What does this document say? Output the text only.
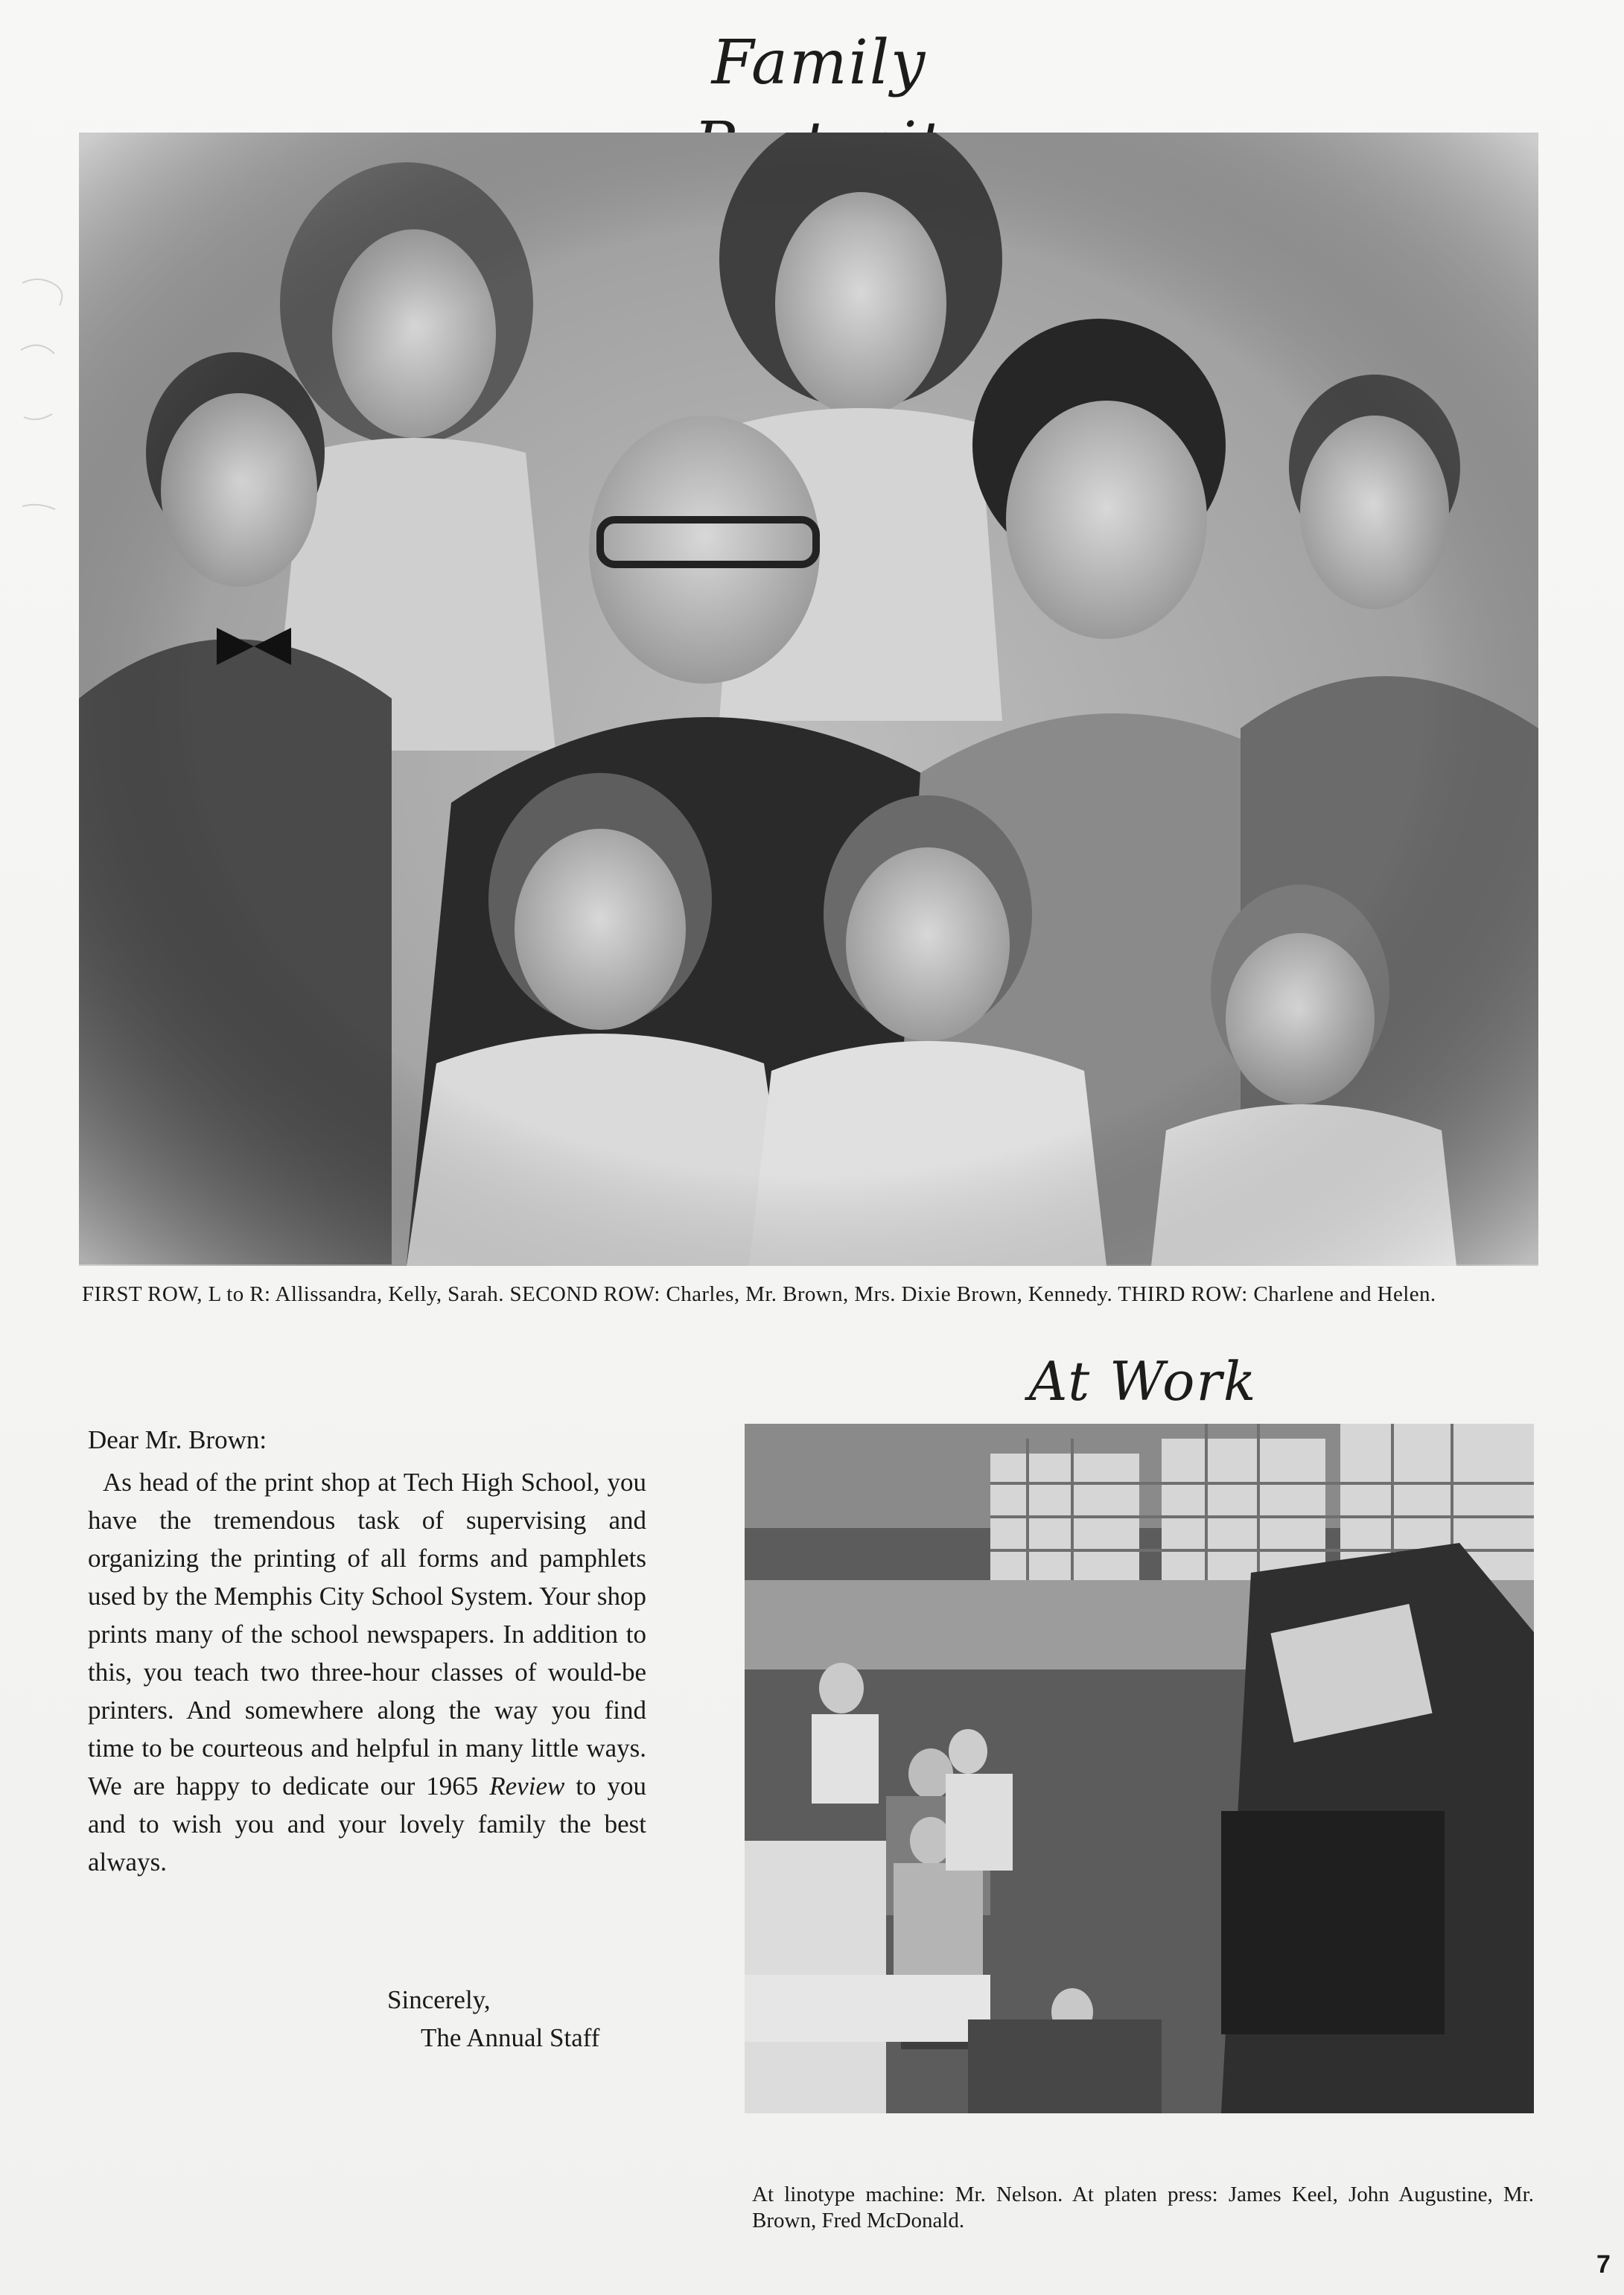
Family
FIRST ROW, L to R: Allissandra, Kelly, Sarah. SECOND ROW: Charles, Mr. Brown, Mrs. Dixie Brown, Kennedy. THIRD ROW: Charlene and Helen.
At Work
Dear Mr. Brown:
As head of the print shop at Tech High School, you have the tremendous task of supervising and organizing the printing of all forms and pamphlets used by the Memphis City School System. Your shop prints many of the school newspapers. In addition to this, you teach two three-hour classes of would-be printers. And somewhere along the way you find time to be courteous and helpful in many little ways. We are happy to dedicate our 1965 Review to you and to wish you and your lovely family the best always.
Sincerely,
The Annual Staff
At linotype machine: Mr. Nelson. At platen press: James Keel, John Augustine, Mr. Brown, Fred McDonald.
7
